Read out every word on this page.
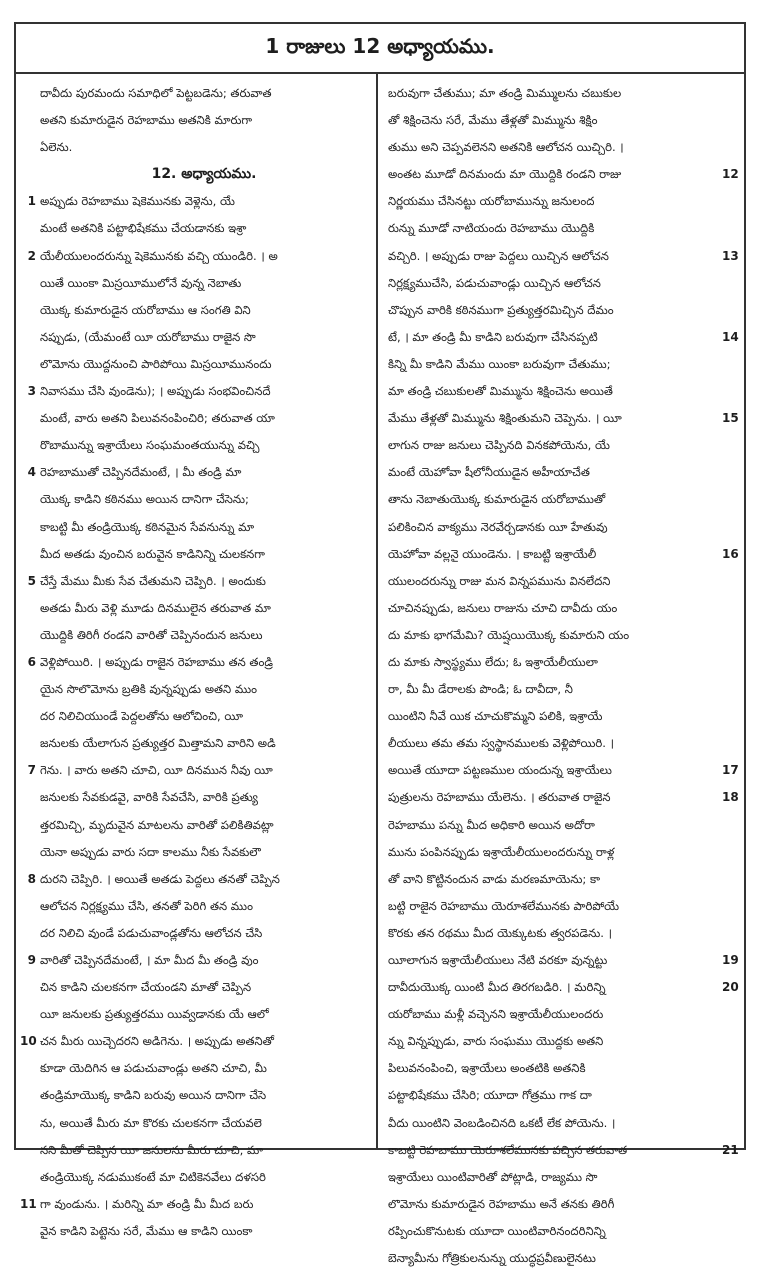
1 రాజులు 12 అధ్యాయము.
దావీదు పురమందు సమాధిలో పెట్టబడెను; తరువాత
అతని కుమారుడైన రెహబాము అతనికి మారుగా
ఏలెను.
12. అధ్యాయము.
1 అప్పుడు రెహబాము షెకెమునకు వెళ్లెను, యే
మంటే అతనికి పట్టాభిషేకము చేయడానకు ఇశ్రా
2 యేలీయులందరున్ను షెకెమునకు వచ్చి యుండిరి. । అ
యితే యింకా మిస్రయీములోనే వున్న నెబాతు
యొక్క కుమారుడైన యరోబాము ఆ సంగతి విని
నప్పుడు, (యేమంటే యీ యరోబాము రాజైన సొ
లొమోను యెుద్దనుంచి పారిపోయి మిస్రయీమునందు
3 నివాసము చేసి వుండెను); । అప్పుడు సంభవించినదే
మంటే, వారు అతని పిలువనంపించిరి; తరువాత యా
రొబామున్ను ఇశ్రాయేలు సంఘమంతయున్ను వచ్చి
4 రెహబాముతో చెప్పినదేమంటే, । మీ తండ్రి మా
యొక్క కాడిని కఠినము అయిన దానిగా చేసెను;
కాబట్టి మీ తండ్రియొక్క కఠినమైన సేవనున్ను మా
మీద అతడు వుంచిన బరువైన కాడినిన్ని చులకనగా
5 చేస్తే మేము మీకు సేవ చేతుమని చెప్పిరి. । అందుకు
అతడు మీరు వెళ్లి మూడు దినములైన తరువాత మా
యొద్దికి తిరిగీ రండని వారితో చెప్పినందున జనులు
6 వెళ్లిపోయిరి. । అప్పుడు రాజైన రెహబాము తన తండ్రి
యైన సొలొమోను బ్రతికి వున్నప్పుడు అతని ముం
దర నిలిచియుండే పెద్దలతోను ఆలోచించి, యీ
జనులకు యేలాగున ప్రత్యుత్తర మిత్తామని వారిని అడి
7 గెను. । వారు అతని చూచి, యీ దినమున నీవు యీ
జనులకు సేవకుడవై, వారికి సేవచేసి, వారికి ప్రత్యు
త్తరమిచ్చి, మృదువైన మాటలను వారితో పలికితివట్లా
యెనా అప్పుడు వారు సదా కాలము నీకు సేవకులౌ
8 దురని చెప్పిరి. । అయితే అతడు పెద్దలు తనతో చెప్పిన
ఆలోచన నిర్లక్ష్యము చేసి, తనతో పెరిగి తన ముం
దర నిలిచి వుండే పడుచువాండ్లతోను ఆలోచన చేసి
9 వారితో చెప్పినదేమంటే, । మా మీద మీ తండ్రి వుం
చిన కాడిని చులకనగా చేయండని మాతో చెప్పిన
యీ జనులకు ప్రత్యుత్తరము యివ్వడానకు యే ఆలో
10 చన మీరు యిచ్చెదరని అడిగెను. । అప్పుడు అతనితో
కూడా యెదిగిన ఆ పడుచువాండ్లు అతని చూచి, మీ
తండ్రిమాయొక్క కాడిని బరువు అయిన దానిగా చేసె
ను, అయితే మీరు మా కొరకు చులకనగా చేయవలె
నని మీతో చెప్పిన యీ జనులను మీరు చూచి, మా
తండ్రియొక్క నడుముకంటే మా చిటికెనవేలు దళసరి
11 గా వుండును. । మరిన్ని మా తండ్రి మీ మీద బరు
వైన కాడిని పెట్టెను సరే, మేము ఆ కాడిని యింకా
బరువుగా చేతుము; మా తండ్రి మిమ్ములను చబుకుల
తో శిక్షించెను సరే, మేము తేళ్లతో మిమ్మును శిక్షిం
తుము అని చెప్పవలెనని అతనికి ఆలోచన యిచ్చిరి. ।
12
అంతట మూడో దినమందు మా యొద్దికి రండని రాజు
నిర్ణయము చేసినట్టు యరోబామున్ను జనులంద
రున్ను మూడో నాటియందు రెహబాము యొద్దికి
13
వచ్చిరి. । అప్పుడు రాజు పెద్దలు యిచ్చిన ఆలోచన
నిర్లక్ష్యముచేసి, పడుచువాండ్లు యిచ్చిన ఆలోచన
చొప్పున వారికి కఠినముగా ప్రత్యుత్తరమిచ్చిన దేమం
14
టే, । మా తండ్రి మీ కాడిని బరువుగా చేసినప్పటి
కిన్ని మీ కాడిని మేము యింకా బరువుగా చేతుము;
మా తండ్రి చబుకులతో మిమ్మును శిక్షించెను అయితే
15
మేము తేళ్లతో మిమ్మును శిక్షింతుమని చెప్పెను. । యీ
లాగున రాజు జనులు చెప్పినది వినకపోయెను, యే
మంటే యెహోవా షీలోనీయుడైన అహీయాచేత
తాను నెబాతుయొక్క కుమారుడైన యరోబాముతో
పలికించిన వాక్యము నెరవేర్చడానకు యీ హేతువు
16
యెహోవా వల్లనై యుండెను. । కాబట్టి ఇశ్రాయేలీ
యులందరున్ను రాజు మన విన్నపమును వినలేదని
చూచినప్పుడు, జనులు రాజును చూచి దావీదు యం
దు మాకు భాగమేమి? యెష్షయియొక్క కుమారుని యం
దు మాకు స్వాస్థ్యము లేదు; ఓ ఇశ్రాయేలీయులా
రా, మీ మీ డేరాలకు పొండి; ఓ దావీదా, నీ
యింటిని నీవే యిక చూచుకొమ్మని పలికి, ఇశ్రాయే
లీయులు తమ తమ స్వస్థానములకు వెళ్లిపోయిరి. ।
17
అయితే యూదా పట్టణముల యందున్న ఇశ్రాయేలు
18
పుత్రులను రెహబాము యేలెను. । తరువాత రాజైన
రెహబాము పన్ను మీద అధికారి అయిన అదోరా
మును పంపినప్పుడు ఇశ్రాయేలీయులందరున్ను రాళ్ల
తో వాని కొట్టినందున వాడు మరణమాయెను; కా
బట్టి రాజైన రెహబాము యెరూశలేమునకు పారిపోయే
కొరకు తన రథము మీద యెక్కుటకు త్వరపడెను. ।
19
యీలాగున ఇశ్రాయేలీయులు నేటి వరకూ వున్నట్టు
20
దావీదుయొక్క యింటి మీద తిరగబడిరి. । మరిన్ని
యరోబాము మళ్లీ వచ్చెనని ఇశ్రాయేలీయులందరు
న్ను విన్నప్పుడు, వారు సంఘము యొద్దకు అతని
పిలువనంపించి, ఇశ్రాయేలు అంతటికి అతనికి
పట్టాభిషేకము చేసిరి; యూదా గోత్రము గాక దా
వీదు యింటిని వెంబడించినది ఒకటీ లేక పోయెను. ।
21
కాబట్టి రెహబాము యెరూశలేమునకు వచ్చిన తరువాత
ఇశ్రాయేలు యింటివారితో పోట్లాడి, రాజ్యము సొ
లొమోను కుమారుడైన రెహబాము అనే తనకు తిరిగీ
రప్పించుకొనుటకు యూదా యింటివారినందరినిన్ని
బెన్యామీను గోత్రికులనున్ను యుద్ధప్రవీణులైనటు
